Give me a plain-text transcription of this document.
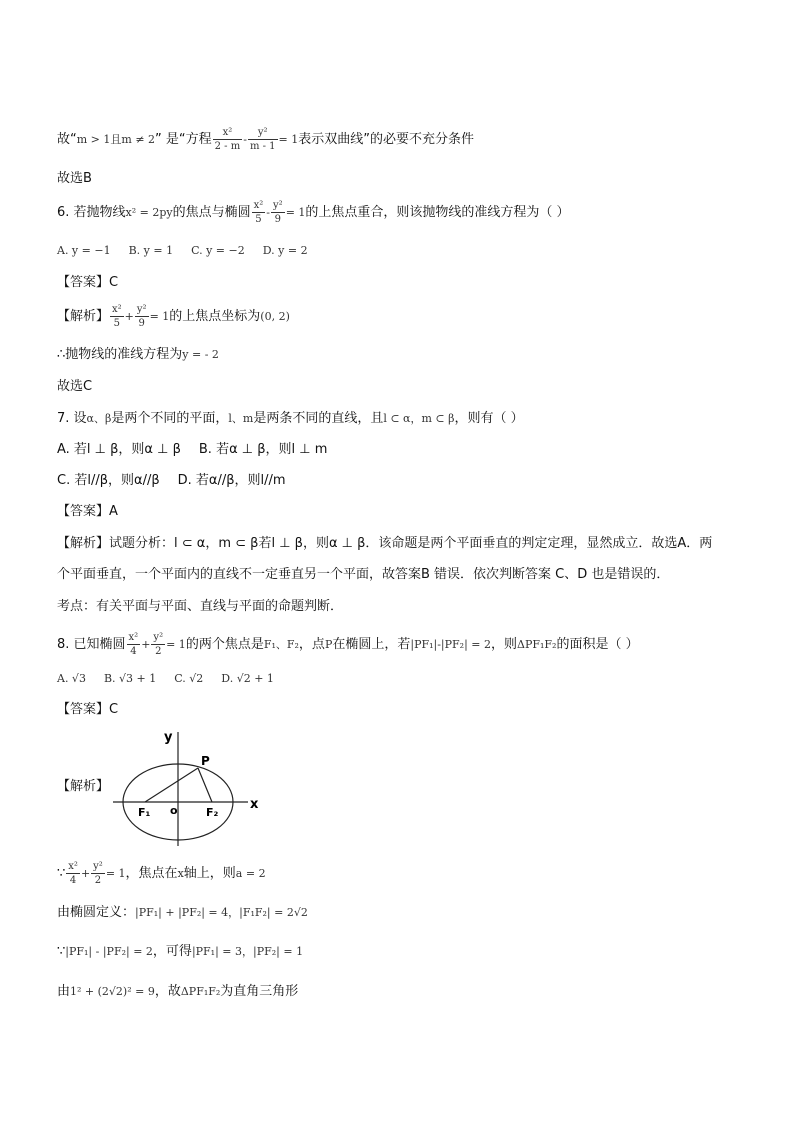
故“m > 1且m ≠ 2” 是“方程 $\frac{\text{x²}}{2 - m} - \frac{\text{y²}}{m - 1} = 1$表示双曲线”的必要不充分条件
故选B
6. 若抛物线x² = 2py的焦点与椭圆 $\frac{\text{x²}}{5} - \frac{\text{y²}}{9} = 1$的上焦点重合，则该抛物线的准线方程为（ ）
A. y = −1 B. y = 1 C. y = −2 D. y = 2
【答案】C
【解析】 $\frac{\text{x²}}{5} + \frac{\text{y²}}{9} = 1$的上焦点坐标为(0, 2)
∴抛物线的准线方程为y = - 2
故选C
7. 设α、β是两个不同的平面，l、m是两条不同的直线，且l ⊂ α，m ⊂ β，则有（ ）
A. 若l ⊥ β，则α ⊥ β B. 若α ⊥ β，则l ⊥ m
C. 若l//β，则α//β D. 若α//β，则l//m
【答案】A
【解析】试题分析：l ⊂ α，m ⊂ β若l ⊥ β，则α ⊥ β．该命题是两个平面垂直的判定定理，显然成立．故选A．两
个平面垂直，一个平面内的直线不一定垂直另一个平面，故答案B 错误．依次判断答案 C、D 也是错误的．
考点：有关平面与平面、直线与平面的命题判断．
8. 已知椭圆 $\frac{\text{x²}}{4} + \frac{\text{y²}}{2} = 1$的两个焦点是F₁、F₂，点P在椭圆上，若|PF₁|-|PF₂| = 2，则ΔPF₁F₂的面积是（ ）
A. √3 B. √3 + 1 C. √2 D. √2 + 1
【答案】C
【解析】
y
x
P
o
F₁	F₂
∵ $\frac{\text{x²}}{4} + \frac{\text{y²}}{2} = 1$，焦点在x轴上，则a = 2
由椭圆定义：|PF₁| + |PF₂| = 4，|F₁F₂| = 2√2
∵|PF₁| - |PF₂| = 2，可得|PF₁| = 3，|PF₂| = 1
由1² + (2√2)² = 9，故ΔPF₁F₂为直角三角形
